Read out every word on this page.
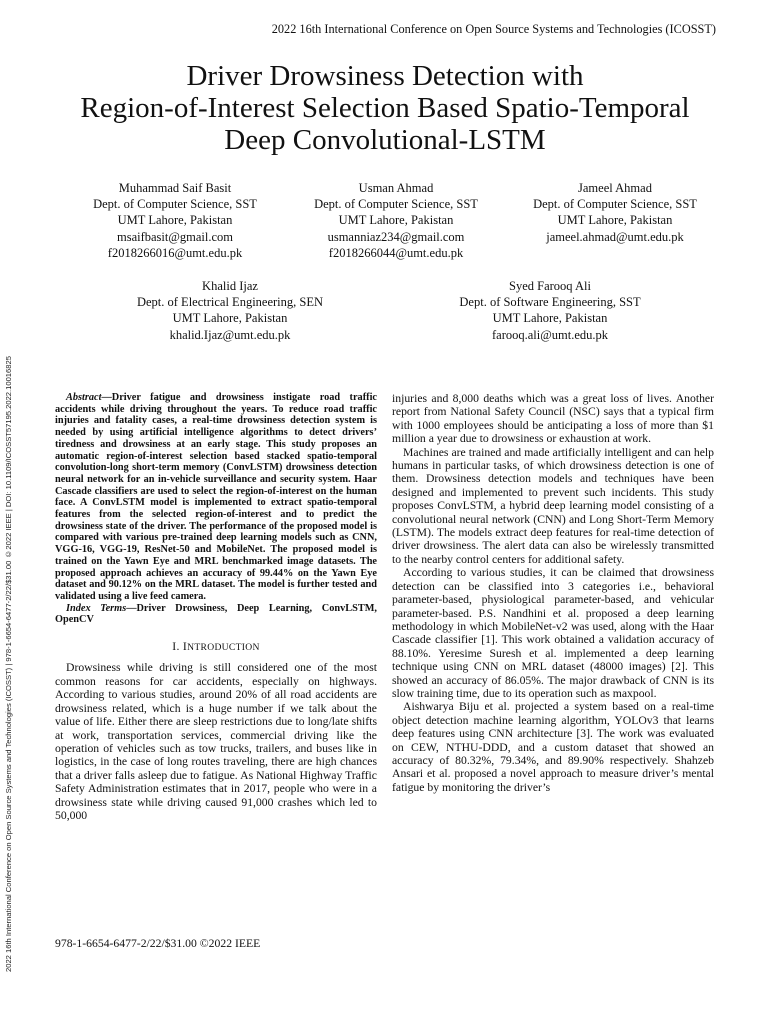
2022 16th International Conference on Open Source Systems and Technologies (ICOSST)
2022 16th International Conference on Open Source Systems and Technologies (ICOSST) | 978-1-6654-6477-2/22/$31.00 ©2022 IEEE | DOI: 10.1109/ICOSST57195.2022.10016825
Driver Drowsiness Detection with
Region-of-Interest Selection Based Spatio-Temporal
Deep Convolutional-LSTM
Muhammad Saif Basit
Dept. of Computer Science, SST
UMT Lahore, Pakistan
msaifbasit@gmail.com
f2018266016@umt.edu.pk
Usman Ahmad
Dept. of Computer Science, SST
UMT Lahore, Pakistan
usmanniaz234@gmail.com
f2018266044@umt.edu.pk
Jameel Ahmad
Dept. of Computer Science, SST
UMT Lahore, Pakistan
jameel.ahmad@umt.edu.pk
Khalid Ijaz
Dept. of Electrical Engineering, SEN
UMT Lahore, Pakistan
khalid.Ijaz@umt.edu.pk
Syed Farooq Ali
Dept. of Software Engineering, SST
UMT Lahore, Pakistan
farooq.ali@umt.edu.pk

Abstract—Driver fatigue and drowsiness instigate road traffic accidents while driving throughout the years. To reduce road traffic injuries and fatality cases, a real-time drowsiness detection system is needed by using artificial intelligence algorithms to detect drivers’ tiredness and drowsiness at an early stage. This study proposes an automatic region-of-interest selection based stacked spatio-temporal convolution-long short-term memory (ConvLSTM) drowsiness detection neural network for an in-vehicle surveillance and security system. Haar Cascade classifiers are used to select the region-of-interest on the human face. A ConvLSTM model is implemented to extract spatio-temporal features from the selected region-of-interest and to predict the drowsiness state of the driver. The performance of the proposed model is compared with various pre-trained deep learning models such as CNN, VGG-16, VGG-19, ResNet-50 and MobileNet. The proposed model is trained on the Yawn Eye and MRL benchmarked image datasets. The proposed approach achieves an accuracy of 99.44% on the Yawn Eye dataset and 90.12% on the MRL dataset. The model is further tested and validated using a live feed camera.

Index Terms—Driver Drowsiness, Deep Learning, ConvLSTM, OpenCV

I. INTRODUCTION

Drowsiness while driving is still considered one of the most common reasons for car accidents, especially on highways. According to various studies, around 20% of all road accidents are drowsiness related, which is a huge number if we talk about the value of life. Either there are sleep restrictions due to long/late shifts at work, transportation services, commercial driving like the operation of vehicles such as tow trucks, trailers, and buses like in logistics, in the case of long routes traveling, there are high chances that a driver falls asleep due to fatigue. As National Highway Traffic Safety Administration estimates that in 2017, people who were in a drowsiness state while driving caused 91,000 crashes which led to 50,000

injuries and 8,000 deaths which was a great loss of lives. Another report from National Safety Council (NSC) says that a typical firm with 1000 employees should be anticipating a loss of more than $1 million a year due to drowsiness or exhaustion at work.

Machines are trained and made artificially intelligent and can help humans in particular tasks, of which drowsiness detection is one of them. Drowsiness detection models and techniques have been designed and implemented to prevent such incidents. This study proposes ConvLSTM, a hybrid deep learning model consisting of a convolutional neural network (CNN) and Long Short-Term Memory (LSTM). The models extract deep features for real-time detection of driver drowsiness. The alert data can also be wirelessly transmitted to the nearby control centers for additional safety.

According to various studies, it can be claimed that drowsiness detection can be classified into 3 categories i.e., behavioral parameter-based, physiological parameter-based, and vehicular parameter-based. P.S. Nandhini et al. proposed a deep learning methodology in which MobileNet-v2 was used, along with the Haar Cascade classifier [1]. This work obtained a validation accuracy of 88.10%. Yeresime Suresh et al. implemented a deep learning technique using CNN on MRL dataset (48000 images) [2]. This showed an accuracy of 86.05%. The major drawback of CNN is its slow training time, due to its operation such as maxpool.

Aishwarya Biju et al. projected a system based on a real-time object detection machine learning algorithm, YOLOv3 that learns deep features using CNN architecture [3]. The work was evaluated on CEW, NTHU-DDD, and a custom dataset that showed an accuracy of 80.32%, 79.34%, and 89.90% respectively. Shahzeb Ansari et al. proposed a novel approach to measure driver’s mental fatigue by monitoring the driver’s

978-1-6654-6477-2/22/$31.00 ©2022 IEEE
